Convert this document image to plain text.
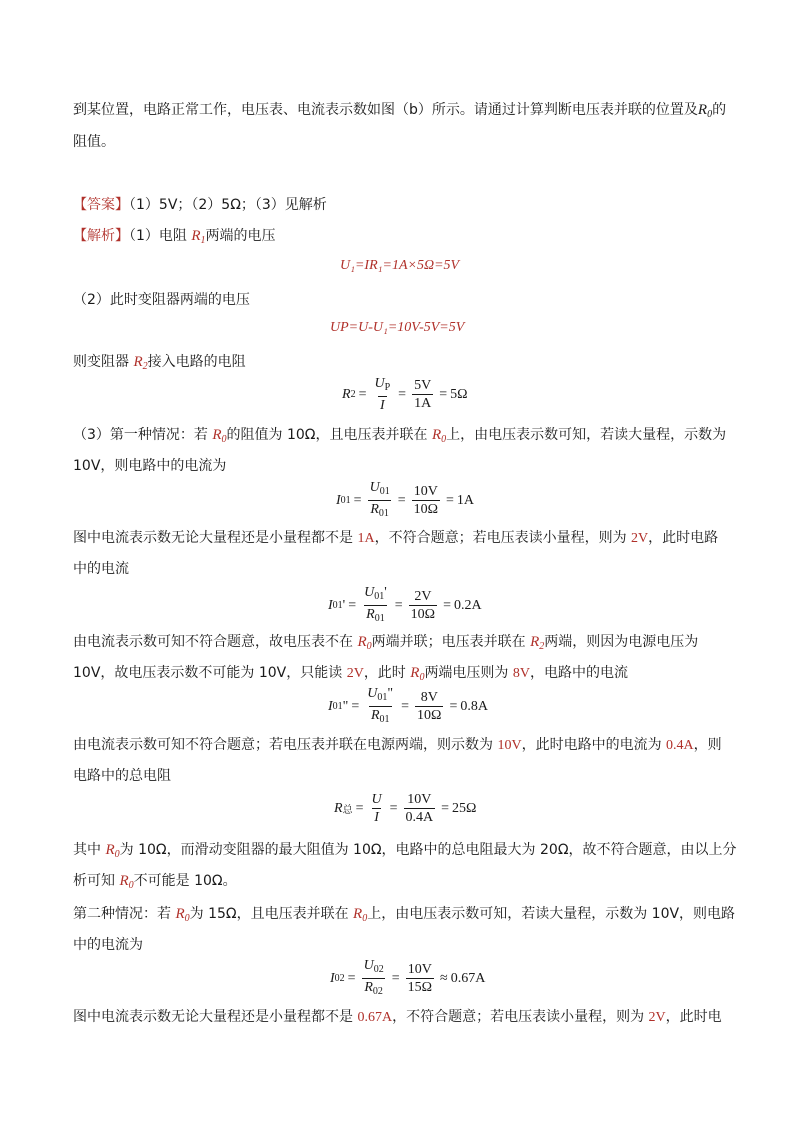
到某位置，电路正常工作，电压表、电流表示数如图（b）所示。请通过计算判断电压表并联的位置及$R_0$的
阻值。
【答案】（1）5V；（2）5Ω；（3）见解析
【解析】（1）电阻 $R_1$两端的电压
U₁=IR₁=1A×5Ω=5V
（2）此时变阻器两端的电压
UP=U-U₁=10V-5V=5V
则变阻器 $R_2$接入电路的电阻
R $2 = \frac{U_P}{I} = \frac{5V}{1A} = 5\Omega$
（3）第一种情况：若 $R_0$的阻值为 10Ω，且电压表并联在 $R_0$上，由电压表示数可知，若读大量程，示数为
10V，则电路中的电流为
I $01 = \frac{U_{01}}{R_{01}} = \frac{10V}{10\Omega} = 1A$
图中电流表示数无论大量程还是小量程都不是 1A，不符合题意；若电压表读小量程，则为 2V，此时电路
中的电流
I 01 ' = $\frac{U_{01}'}{R_{01}} = \frac{2V}{10\Omega} = 0.2A$
由电流表示数可知不符合题意，故电压表不在 $R_0$两端并联；电压表并联在 $R_2$两端，则因为电源电压为
10V，故电压表示数不可能为 10V，只能读 2V，此时 $R_0$两端电压则为 8V，电路中的电流
I 01 " = $\frac{U_{01}"}{R_{01}} = \frac{8V}{10\Omega} = 0.8A$
由电流表示数可知不符合题意；若电压表并联在电源两端，则示数为 10V，此时电路中的电流为 0.4A，则
电路中的总电阻
R 总 = $\frac{U}{I} = \frac{10V}{0.4A} = 25\Omega$
其中 $R_0$为 10Ω，而滑动变阻器的最大阻值为 10Ω，电路中的总电阻最大为 20Ω，故不符合题意，由以上分
析可知 $R_0$不可能是 10Ω。
第二种情况：若 $R_0$为 15Ω，且电压表并联在 $R_0$上，由电压表示数可知，若读大量程，示数为 10V，则电路
中的电流为
I $02 = \frac{U_{02}}{R_{02}} = \frac{10V}{15\Omega} \approx 0.67A$
图中电流表示数无论大量程还是小量程都不是 0.67A，不符合题意；若电压表读小量程，则为 2V，此时电
